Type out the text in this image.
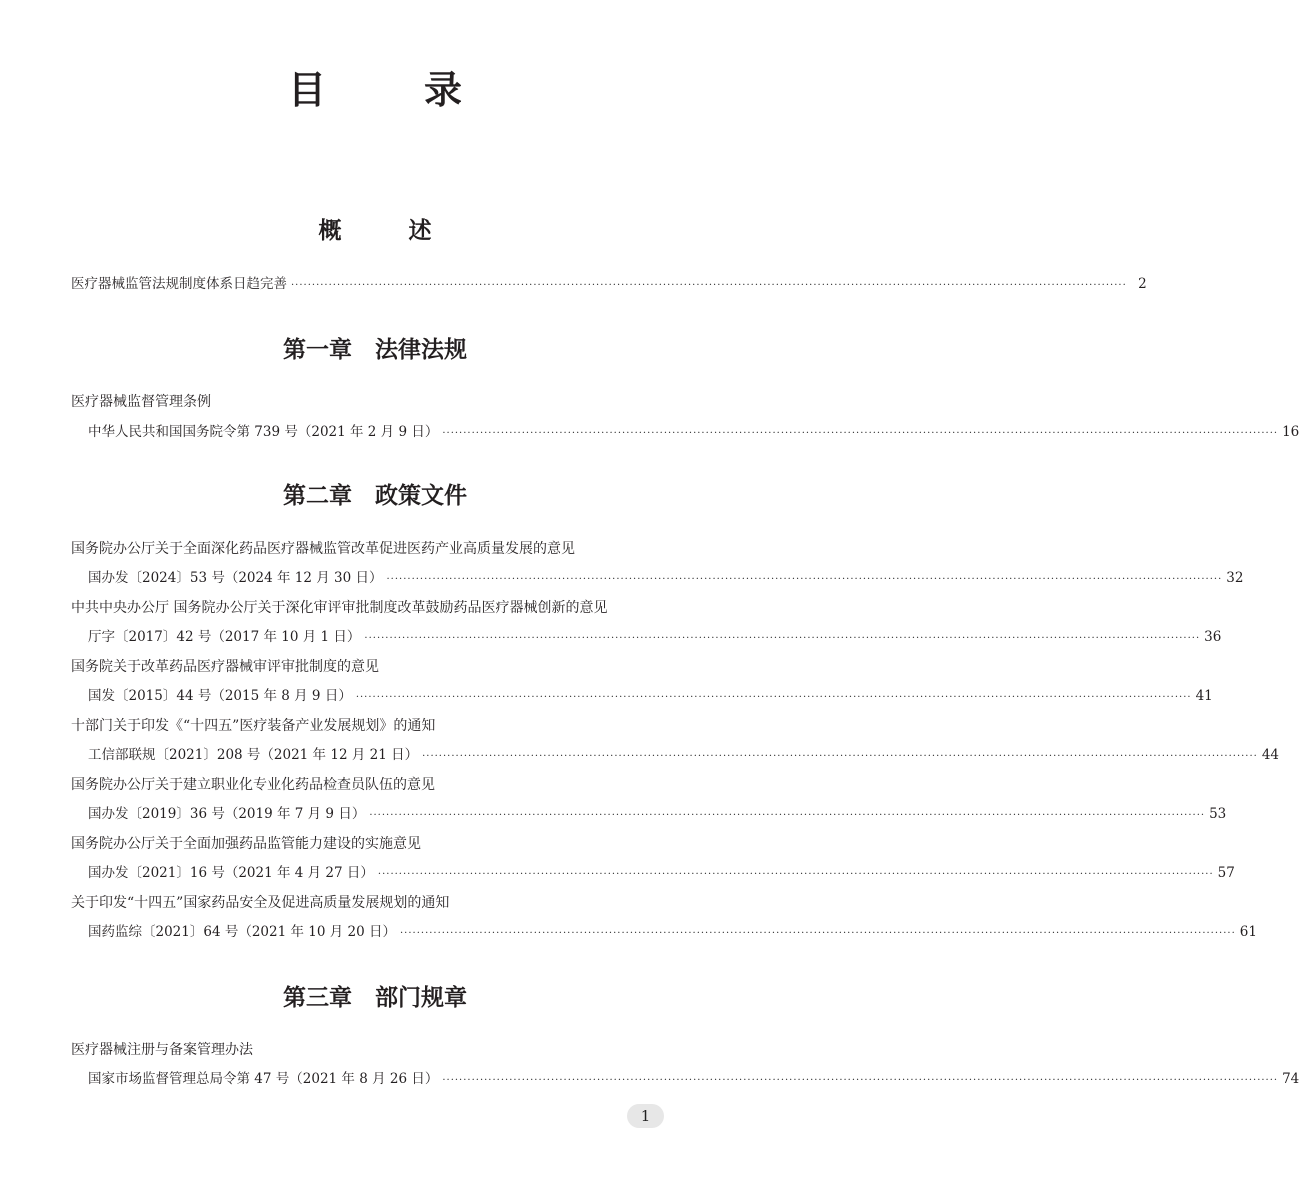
目　录
概　述
医疗器械监管法规制度体系日趋完善 ········································································································································································································ 2
第一章　法律法规
医疗器械监督管理条例
中华人民共和国国务院令第 739 号（2021 年 2 月 9 日） ········································································································································································································ 16
第二章　政策文件
国务院办公厅关于全面深化药品医疗器械监管改革促进医药产业高质量发展的意见
国办发〔2024〕53 号（2024 年 12 月 30 日） ········································································································································································································ 32
中共中央办公厅 国务院办公厅关于深化审评审批制度改革鼓励药品医疗器械创新的意见
厅字〔2017〕42 号（2017 年 10 月 1 日） ········································································································································································································ 36
国务院关于改革药品医疗器械审评审批制度的意见
国发〔2015〕44 号（2015 年 8 月 9 日） ········································································································································································································ 41
十部门关于印发《“十四五”医疗装备产业发展规划》的通知
工信部联规〔2021〕208 号（2021 年 12 月 21 日） ········································································································································································································ 44
国务院办公厅关于建立职业化专业化药品检查员队伍的意见
国办发〔2019〕36 号（2019 年 7 月 9 日） ········································································································································································································ 53
国务院办公厅关于全面加强药品监管能力建设的实施意见
国办发〔2021〕16 号（2021 年 4 月 27 日） ········································································································································································································ 57
关于印发“十四五”国家药品安全及促进高质量发展规划的通知
国药监综〔2021〕64 号（2021 年 10 月 20 日） ········································································································································································································ 61
第三章　部门规章
医疗器械注册与备案管理办法
国家市场监督管理总局令第 47 号（2021 年 8 月 26 日） ········································································································································································································ 74
1
